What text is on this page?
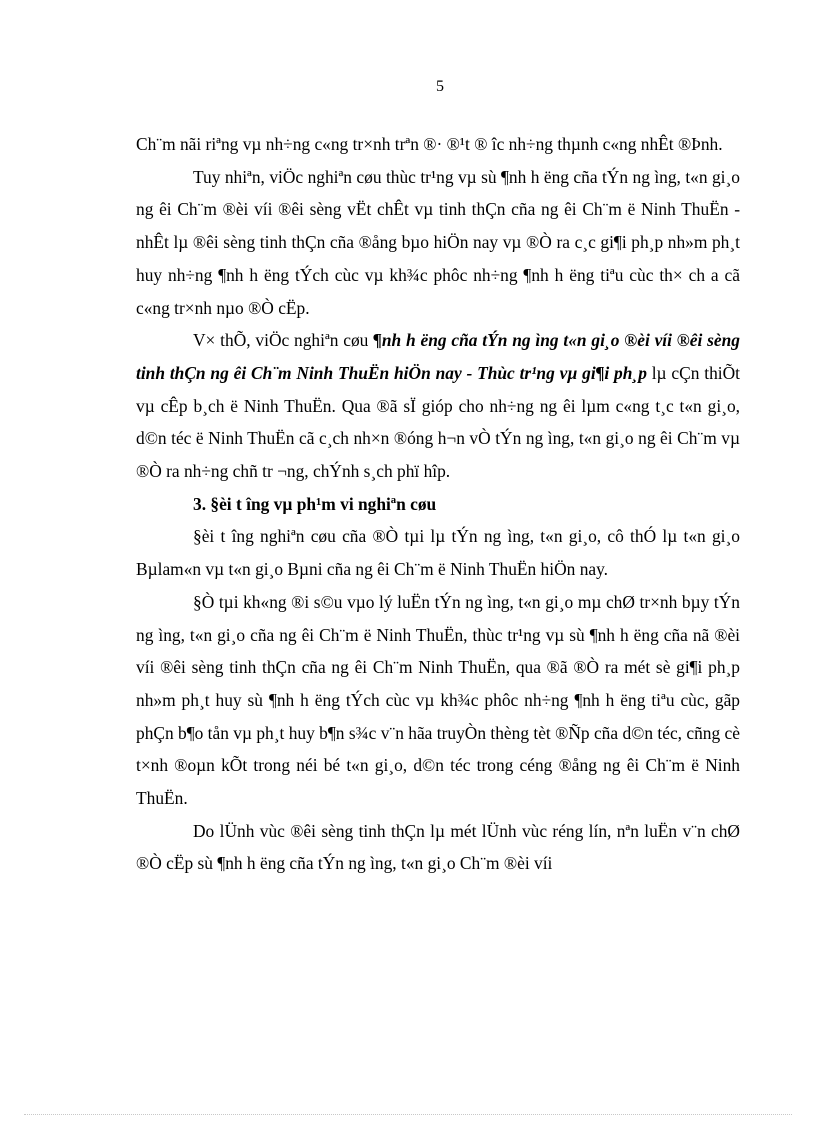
5

Ch¨m nãi riªng vµ nh÷ng c«ng tr×nh trªn ®· ®¹t ® îc nh÷ng thµnh c«ng nhÊt ®Þnh.

Tuy nhiªn, viÖc nghiªn cøu thùc tr¹ng vµ sù ¶nh h ëng cña tÝn ng ìng, t«n gi¸o ng êi Ch¨m ®èi víi ®êi sèng vËt chÊt vµ tinh thÇn cña ng êi Ch¨m ë Ninh ThuËn - nhÊt lµ ®êi sèng tinh thÇn cña ®ång bµo hiÖn nay vµ ®Ò ra c¸c gi¶i ph¸p nh»m ph¸t huy nh÷ng ¶nh h ëng tÝch cùc vµ kh¾c phôc nh÷ng ¶nh h ëng tiªu cùc th× ch a cã c«ng tr×nh nµo ®Ò cËp.

V× thÕ, viÖc nghiªn cøu ¶nh h ëng cña tÝn ng ìng t«n gi¸o ®èi víi ®êi sèng tinh thÇn ng êi Ch¨m Ninh ThuËn hiÖn nay - Thùc tr¹ng vµ gi¶i ph¸p lµ cÇn thiÕt vµ cÊp b¸ch ë Ninh ThuËn. Qua ®ã sÏ gióp cho nh÷ng ng êi lµm c«ng t¸c t«n gi¸o, d©n téc ë Ninh ThuËn cã c¸ch nh×n ®óng h¬n vÒ tÝn ng ìng, t«n gi¸o ng êi Ch¨m vµ ®Ò ra nh÷ng chñ tr ¬ng, chÝnh s¸ch phï hîp.

3. §èi t îng vµ ph¹m vi nghiªn cøu

§èi t îng nghiªn cøu cña ®Ò tµi lµ tÝn ng ìng, t«n gi¸o, cô thÓ lµ t«n gi¸o Bµlam«n vµ t«n gi¸o Bµni cña ng êi Ch¨m ë Ninh ThuËn hiÖn nay.

§Ò tµi kh«ng ®i s©u vµo lý luËn tÝn ng ìng, t«n gi¸o mµ chØ tr×nh bµy tÝn ng ìng, t«n gi¸o cña ng êi Ch¨m ë Ninh ThuËn, thùc tr¹ng vµ sù ¶nh h ëng cña nã ®èi víi ®êi sèng tinh thÇn cña ng êi Ch¨m Ninh ThuËn, qua ®ã ®Ò ra mét sè gi¶i ph¸p nh»m ph¸t huy sù ¶nh h ëng tÝch cùc vµ kh¾c phôc nh÷ng ¶nh h ëng tiªu cùc, gãp phÇn b¶o tån vµ ph¸t huy b¶n s¾c v¨n hãa truyÒn thèng tèt ®Ñp cña d©n téc, cñng cè t×nh ®oµn kÕt trong néi bé t«n gi¸o, d©n téc trong céng ®ång ng êi Ch¨m ë Ninh ThuËn.

Do lÜnh vùc ®êi sèng tinh thÇn lµ mét lÜnh vùc réng lín, nªn luËn v¨n chØ ®Ò cËp sù ¶nh h ëng cña tÝn ng ìng, t«n gi¸o Ch¨m ®èi víi
